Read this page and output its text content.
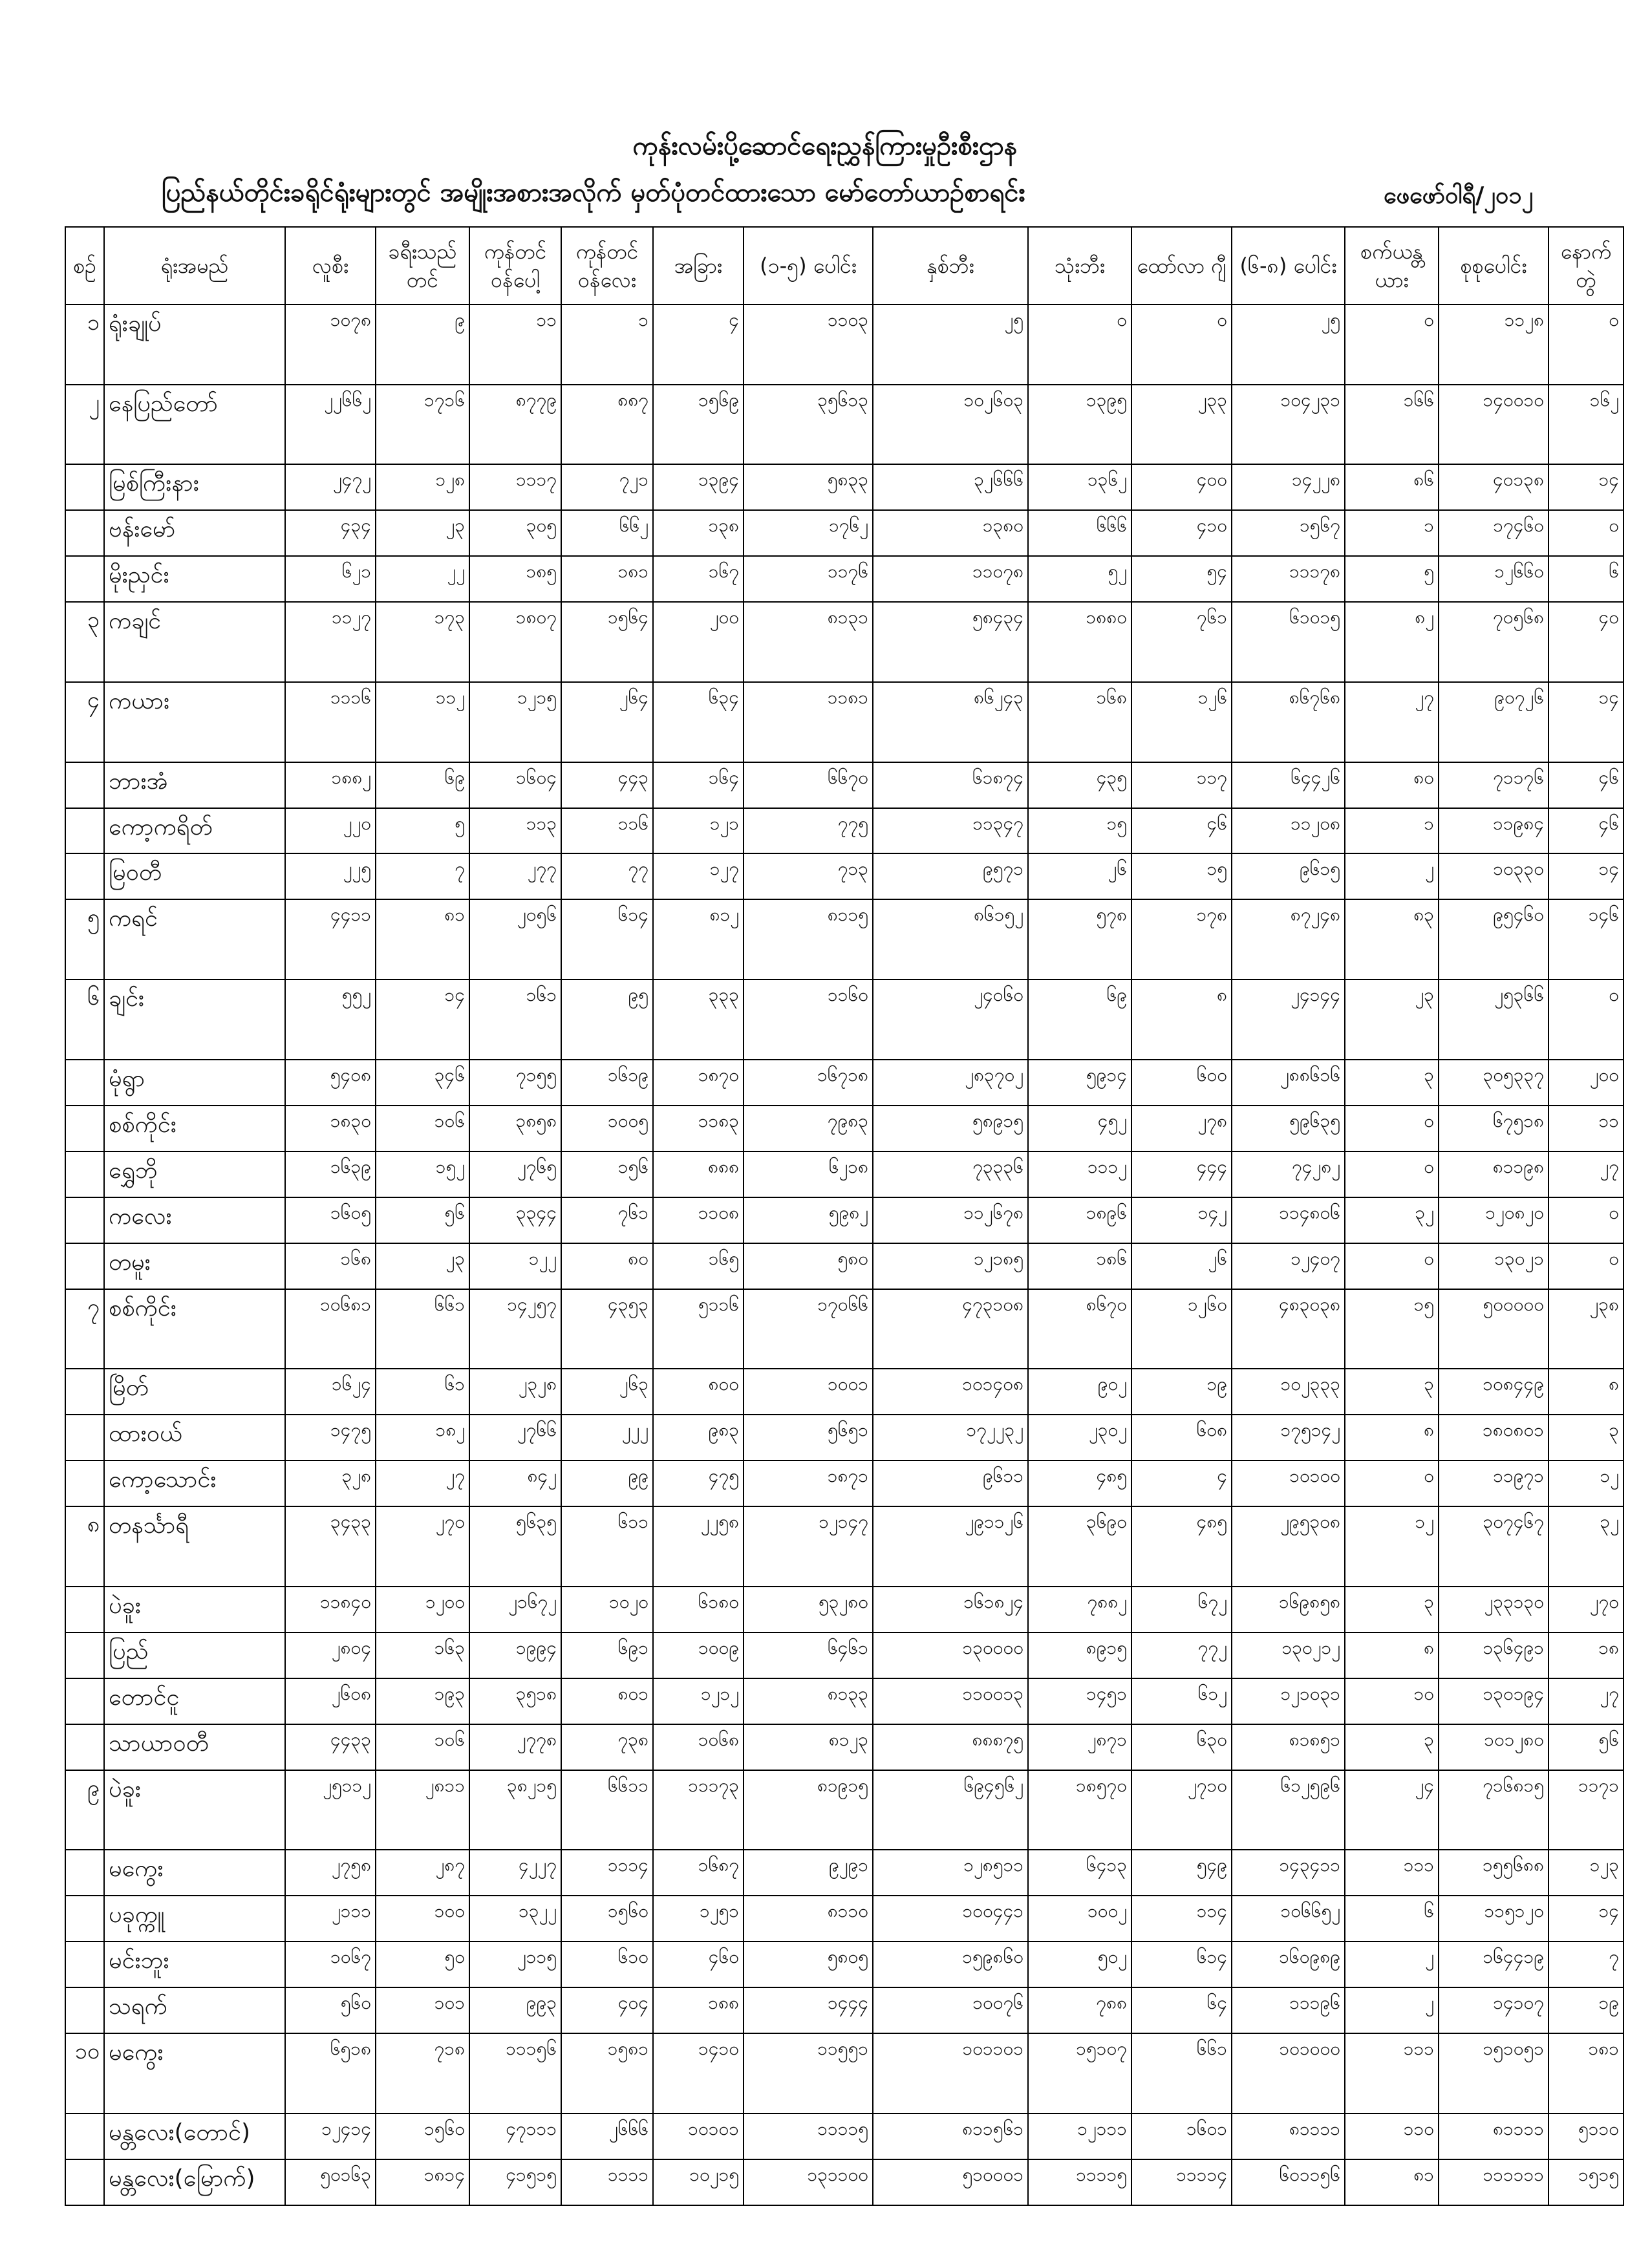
ကုန်းလမ်းပို့ဆောင်ရေးညွှန်ကြားမှုဦးစီးဌာန
ပြည်နယ်တိုင်းခရိုင်ရုံးများတွင် အမျိုးအစားအလိုက် မှတ်ပုံတင်ထားသော မော်တော်ယာဉ်စာရင်း	ဖေဖော်ဝါရီ/၂၀၁၂
စဉ်	ရုံးအမည်	လူစီး	ခရီးသည် တင်	ကုန်တင် ဝန်ပေါ့	ကုန်တင် ဝန်လေး	အခြား	(၁-၅) ပေါင်း	နှစ်ဘီး	သုံးဘီး	ထော်လာ ဂျီ	(၆-၈) ပေါင်း	စက်ယန္တယား	စုစုပေါင်း	နောက်တွဲ
၁	ရုံးချုပ်	၁၀၇၈	၉	၁၁	၁	၄	၁၁၀၃	၂၅	၀	၀	၂၅	၀	၁၁၂၈	၀
၂	နေပြည်တော်	၂၂၆၆၂	၁၇၁၆	၈၇၇၉	၈၈၇	၁၅၆၉	၃၅၆၁၃	၁၀၂၆၀၃	၁၃၉၅	၂၃၃	၁၀၄၂၃၁	၁၆၆	၁၄၀၀၁၀	၁၆၂
	မြစ်ကြီးနား	၂၄၇၂	၁၂၈	၁၁၁၇	၇၂၁	၁၃၉၄	၅၈၃၃	၃၂၆၆၆	၁၃၆၂	၄၀၀	၁၄၂၂၈	၈၆	၄၀၁၃၈	၁၄
	ဗန်းမော်	၄၃၄	၂၃	၃၀၅	၆၆၂	၁၃၈	၁၇၆၂	၁၃၈၀	၆၆၆	၄၁၀	၁၅၆၇	၁	၁၇၄၆၀	၀
	မိုးညှင်း	၆၂၁	၂၂	၁၈၅	၁၈၁	၁၆၇	၁၁၇၆	၁၁၀၇၈	၅၂	၅၄	၁၁၁၇၈	၅	၁၂၆၆၀	၆
၃	ကချင်	၁၁၂၇	၁၇၃	၁၈၀၇	၁၅၆၄	၂၀၀	၈၁၃၁	၅၈၄၃၄	၁၈၈၀	၇၆၁	၆၁၀၁၅	၈၂	၇၀၅၆၈	၄၀
၄	ကယား	၁၁၁၆	၁၁၂	၁၂၁၅	၂၆၄	၆၃၄	၁၁၈၁	၈၆၂၄၃	၁၆၈	၁၂၆	၈၆၇၆၈	၂၇	၉၀၇၂၆	၁၄
	ဘားအံ	၁၈၈၂	၆၉	၁၆၀၄	၄၄၃	၁၆၄	၆၆၇၀	၆၁၈၇၄	၄၃၅	၁၁၇	၆၄၄၂၆	၈၀	၇၁၁၇၆	၄၆
	ကော့ကရိတ်	၂၂၀	၅	၁၁၃	၁၁၆	၁၂၁	၇၇၅	၁၁၃၄၇	၁၅	၄၆	၁၁၂၀၈	၁	၁၁၉၈၄	၄၆
	မြဝတီ	၂၂၅	၇	၂၇၇	၇၇	၁၂၇	၇၁၃	၉၅၇၁	၂၆	၁၅	၉၆၁၅	၂	၁၀၃၃၀	၁၄
၅	ကရင်	၄၄၁၁	၈၁	၂၀၅၆	၆၁၄	၈၁၂	၈၁၁၅	၈၆၁၅၂	၅၇၈	၁၇၈	၈၇၂၄၈	၈၃	၉၅၄၆၀	၁၄၆
၆	ချင်း	၅၅၂	၁၄	၁၆၁	၉၅	၃၃၃	၁၁၆၀	၂၄၀၆၀	၆၉	၈	၂၄၁၄၄	၂၃	၂၅၃၆၆	၀
	မုံရွာ	၅၄၀၈	၃၄၆	၇၁၅၅	၁၆၁၉	၁၈၇၀	၁၆၇၁၈	၂၈၃၇၀၂	၅၉၁၄	၆၀၀	၂၈၈၆၁၆	၃	၃၀၅၃၃၇	၂၀၀
	စစ်ကိုင်း	၁၈၃၀	၁၀၆	၃၈၅၈	၁၀၀၅	၁၁၈၃	၇၉၈၃	၅၈၉၁၅	၄၅၂	၂၇၈	၅၉၆၃၅	၀	၆၇၅၁၈	၁၁
	ရွှေဘို	၁၆၃၉	၁၅၂	၂၇၆၅	၁၅၆	၈၈၈	၆၂၁၈	၇၃၃၃၆	၁၁၁၂	၄၄၄	၇၄၂၈၂	၀	၈၁၁၉၈	၂၇
	ကလေး	၁၆၀၅	၅၆	၃၃၄၄	၇၆၁	၁၁၀၈	၅၉၈၂	၁၁၂၆၇၈	၁၈၉၆	၁၄၂	၁၁၄၈၀၆	၃၂	၁၂၀၈၂၀	၀
	တမူး	၁၆၈	၂၃	၁၂၂	၈၀	၁၆၅	၅၈၀	၁၂၁၈၅	၁၈၆	၂၆	၁၂၄၀၇	၀	၁၃၀၂၁	၀
၇	စစ်ကိုင်း	၁၀၆၈၁	၆၆၁	၁၄၂၅၇	၄၃၅၃	၅၁၁၆	၁၇၀၆၆	၄၇၃၁၀၈	၈၆၇၀	၁၂၆၀	၄၈၃၀၃၈	၁၅	၅၀၀၀၀၀	၂၃၈
	မြိတ်	၁၆၂၄	၆၁	၂၃၂၈	၂၆၃	၈၀၀	၁၀၀၁	၁၀၁၄၀၈	၉၀၂	၁၉	၁၀၂၃၃၃	၃	၁၀၈၄၄၉	၈
	ထားဝယ်	၁၄၇၅	၁၈၂	၂၇၆၆	၂၂၂	၉၈၃	၅၆၅၁	၁၇၂၂၃၂	၂၃၀၂	၆၀၈	၁၇၅၁၄၂	၈	၁၈၀၈၀၁	၃
	ကော့သောင်း	၃၂၈	၂၇	၈၄၂	၉၉	၄၇၅	၁၈၇၁	၉၆၁၁	၄၈၅	၄	၁၀၁၀၀	၀	၁၁၉၇၁	၁၂
၈	တနင်္သာရီ	၃၄၃၃	၂၇၀	၅၆၃၅	၆၁၁	၂၂၅၈	၁၂၁၄၇	၂၉၁၁၂၆	၃၆၉၀	၄၈၅	၂၉၅၃၀၈	၁၂	၃၀၇၄၆၇	၃၂
	ပဲခူး	၁၁၈၄၀	၁၂၀၀	၂၁၆၇၂	၁၀၂၀	၆၁၈၀	၅၃၂၈၀	၁၆၁၈၂၄	၇၈၈၂	၆၇၂	၁၆၉၈၅၈	၃	၂၃၃၁၃၀	၂၇၀
	ပြည်	၂၈၀၄	၁၆၃	၁၉၉၄	၆၉၁	၁၀၀၉	၆၄၆၁	၁၃၀၀၀၀	၈၉၁၅	၇၇၂	၁၃၀၂၁၂	၈	၁၃၆၄၉၁	၁၈
	တောင်ငူ	၂၆၀၈	၁၉၃	၃၅၁၈	၈၀၁	၁၂၁၂	၈၁၃၃	၁၁၀၀၁၃	၁၄၅၁	၆၁၂	၁၂၁၀၃၁	၁၀	၁၃၀၁၉၄	၂၇
	သာယာဝတီ	၄၄၃၃	၁၀၆	၂၇၇၈	၇၃၈	၁၀၆၈	၈၁၂၃	၈၈၈၇၅	၂၈၇၁	၆၃၀	၈၁၈၅၁	၃	၁၀၁၂၈၀	၅၆
၉	ပဲခူး	၂၅၁၁၂	၂၈၁၁	၃၈၂၁၅	၆၆၁၁	၁၁၁၇၃	၈၁၉၁၅	၆၉၄၅၆၂	၁၈၅၇၀	၂၇၁၀	၆၁၂၅၉၆	၂၄	၇၁၆၈၁၅	၁၁၇၁
	မကွေး	၂၇၅၈	၂၈၇	၄၂၂၇	၁၁၁၄	၁၆၈၇	၉၂၉၁	၁၂၈၅၁၁	၆၄၁၃	၅၄၉	၁၄၃၄၁၁	၁၁၁	၁၅၅၆၈၈	၁၂၃
	ပခုက္ကူ	၂၁၁၁	၁၀၀	၁၃၂၂	၁၅၆၀	၁၂၅၁	၈၁၁၀	၁၀၀၄၄၁	၁၀၀၂	၁၁၄	၁၀၆၆၅၂	၆	၁၁၅၁၂၀	၁၄
	မင်းဘူး	၁၀၆၇	၅၀	၂၁၁၅	၆၁၀	၄၆၀	၅၈၀၅	၁၅၉၈၆၀	၅၀၂	၆၁၄	၁၆၀၉၈၉	၂	၁၆၄၄၁၉	၇
	သရက်	၅၆၀	၁၀၁	၉၉၃	၄၀၄	၁၈၈	၁၄၄၄	၁၀၀၇၆	၇၈၈	၆၄	၁၁၁၉၆	၂	၁၄၁၀၇	၁၉
၁၀	မကွေး	၆၅၁၈	၇၁၈	၁၁၁၅၆	၁၅၈၁	၁၄၁၀	၁၁၅၅၁	၁၀၁၁၀၁	၁၅၁၀၇	၆၆၁	၁၀၁၀၀၀	၁၁၁	၁၅၁၀၅၁	၁၈၁
	မန္တလေး(တောင်)	၁၂၄၁၄	၁၅၆၀	၄၇၁၁၁	၂၆၆၆	၁၀၁၀၁	၁၁၁၁၅	၈၁၁၅၆၁	၁၂၁၁၁	၁၆၀၁	၈၁၁၁၁	၁၁၀	၈၁၁၁၁	၅၁၁၀
	မန္တလေး(မြောက်)	၅၀၁၆၃	၁၈၁၄	၄၁၅၁၅	၁၁၁၁	၁၀၂၁၅	၁၃၁၁၀၀	၅၁၀၀၀၁	၁၁၁၁၅	၁၁၁၁၄	၆၀၁၁၅၆	၈၁	၁၁၁၁၁၁	၁၅၁၅
